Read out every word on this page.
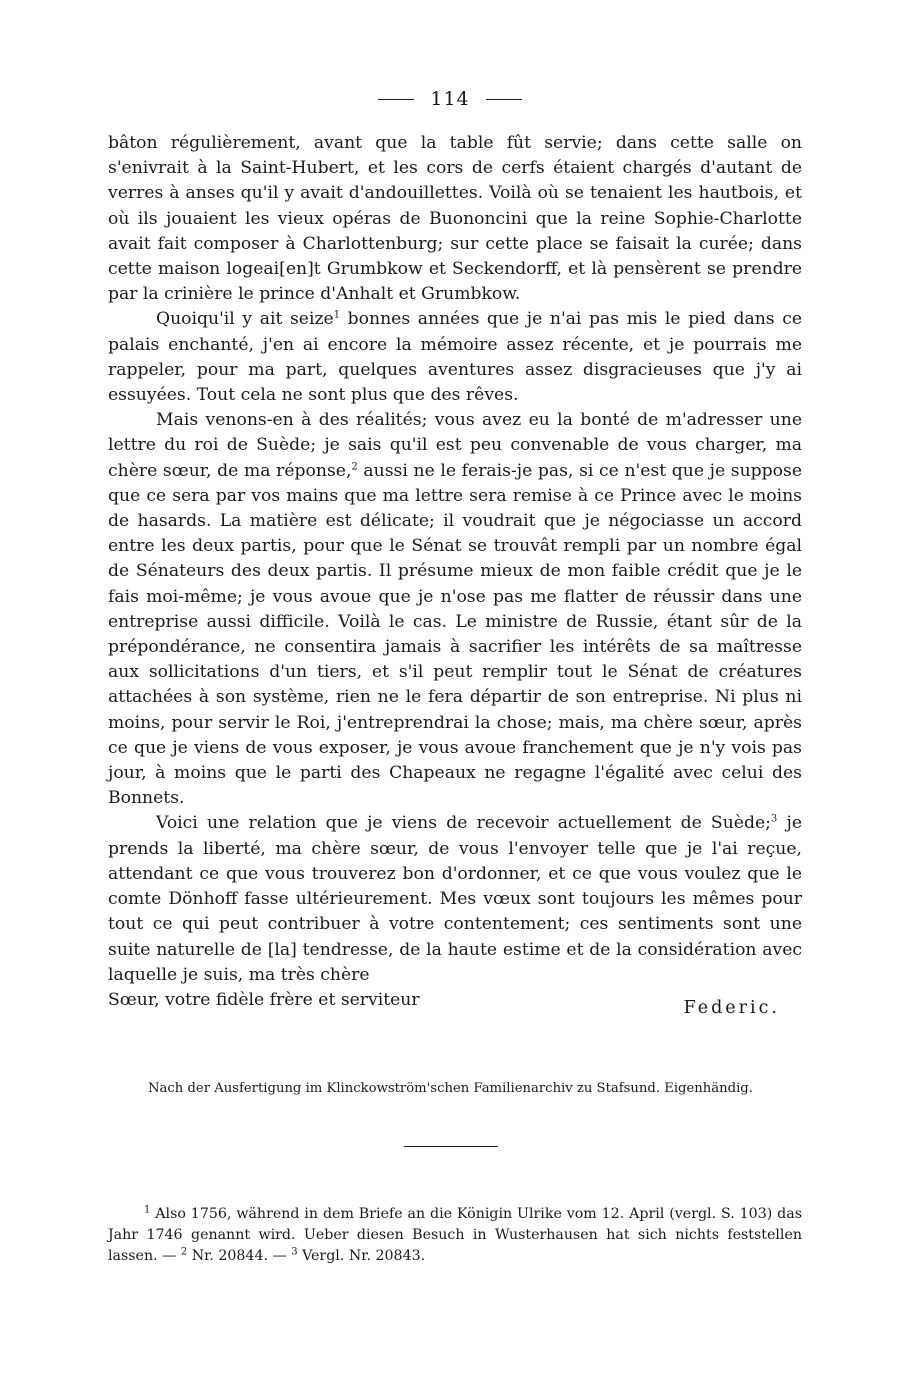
114

bâton régulièrement, avant que la table fût servie; dans cette salle on s'enivrait à la Saint-Hubert, et les cors de cerfs étaient chargés d'autant de verres à anses qu'il y avait d'andouillettes. Voilà où se tenaient les hautbois, et où ils jouaient les vieux opéras de Buononcini que la reine Sophie-Charlotte avait fait composer à Charlottenburg; sur cette place se faisait la curée; dans cette maison logeai[en]t Grumbkow et Seckendorff, et là pensèrent se prendre par la crinière le prince d'Anhalt et Grumbkow.

Quoiqu'il y ait seize$^1$ bonnes années que je n'ai pas mis le pied dans ce palais enchanté, j'en ai encore la mémoire assez récente, et je pourrais me rappeler, pour ma part, quelques aventures assez disgracieuses que j'y ai essuyées. Tout cela ne sont plus que des rêves.

Mais venons-en à des réalités; vous avez eu la bonté de m'adresser une lettre du roi de Suède; je sais qu'il est peu convenable de vous charger, ma chère sœur, de ma réponse,$^2$ aussi ne le ferais-je pas, si ce n'est que je suppose que ce sera par vos mains que ma lettre sera remise à ce Prince avec le moins de hasards. La matière est délicate; il voudrait que je négociasse un accord entre les deux partis, pour que le Sénat se trouvât rempli par un nombre égal de Sénateurs des deux partis. Il présume mieux de mon faible crédit que je le fais moi-même; je vous avoue que je n'ose pas me flatter de réussir dans une entreprise aussi difficile. Voilà le cas. Le ministre de Russie, étant sûr de la prépondérance, ne consentira jamais à sacrifier les intérêts de sa maîtresse aux sollicitations d'un tiers, et s'il peut remplir tout le Sénat de créatures attachées à son système, rien ne le fera départir de son entreprise. Ni plus ni moins, pour servir le Roi, j'entreprendrai la chose; mais, ma chère sœur, après ce que je viens de vous exposer, je vous avoue franchement que je n'y vois pas jour, à moins que le parti des Chapeaux ne regagne l'égalité avec celui des Bonnets.

Voici une relation que je viens de recevoir actuellement de Suède;$^3$ je prends la liberté, ma chère sœur, de vous l'envoyer telle que je l'ai reçue, attendant ce que vous trouverez bon d'ordonner, et ce que vous voulez que le comte Dönhoff fasse ultérieurement. Mes vœux sont toujours les mêmes pour tout ce qui peut contribuer à votre contentement; ces sentiments sont une suite naturelle de [la] tendresse, de la haute estime et de la considération avec laquelle je suis, ma très chère

Sœur, votre fidèle frère et serviteur	Federic.
Nach der Ausfertigung im Klinckowström'schen Familienarchiv zu Stafsund. Eigenhändig.
$^1$ Also 1756, während in dem Briefe an die Königin Ulrike vom 12. April (vergl. S. 103) das Jahr 1746 genannt wird. Ueber diesen Besuch in Wusterhausen hat sich nichts feststellen lassen. — $^2$ Nr. 20844. — $^3$ Vergl. Nr. 20843.
